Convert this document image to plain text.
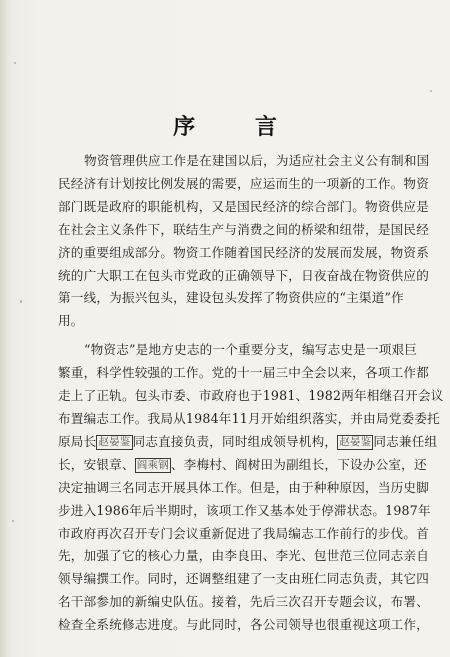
序 言

物资管理供应工作是在建国以后，为适应社会主义公有制和国
民经济有计划按比例发展的需要，应运而生的一项新的工作。物资
部门既是政府的职能机构，又是国民经济的综合部门。物资供应是
在社会主义条件下，联结生产与消费之间的桥梁和纽带，是国民经
济的重要组成部分。物资工作随着国民经济的发展而发展，物资系
统的广大职工在包头市党政的正确领导下，日夜奋战在物资供应的
第一线，为振兴包头，建设包头发挥了物资供应的“主渠道”作
用。

“物资志”是地方史志的一个重要分支，编写志史是一项艰巨
繁重，科学性较强的工作。党的十一届三中全会以来，各项工作都
走上了正轨。包头市委、市政府也于1981、1982两年相继召开会议
布置编志工作。我局从1984年11月开始组织落实，并由局党委委托
原局长 赵晏鉴 同志直接负责，同时组成领导机构， 赵晏鉴 同志兼任组
长，安银章、 阎乘钢 、李梅村、阎树田为副组长，下设办公室，还
决定抽调三名同志开展具体工作。但是，由于种种原因，当历史脚
步进入1986年后半期时，该项工作又基本处于停滞状态。1987年
市政府再次召开专门会议重新促进了我局编志工作前行的步伐。首
先，加强了它的核心力量，由李良田、李光、包世范三位同志亲自
领导编撰工作。同时，还调整组建了一支由班仁同志负责，其它四
名干部参加的新编史队伍。接着，先后三次召开专题会议，布署、
检查全系统修志进度。与此同时，各公司领导也很重视这项工作，
